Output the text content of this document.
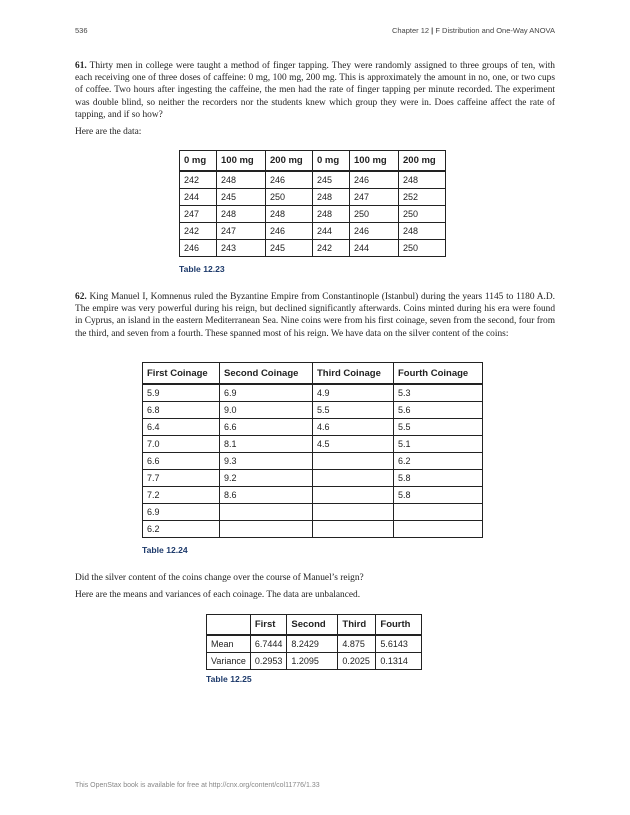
536	Chapter 12 | F Distribution and One-Way ANOVA

61. Thirty men in college were taught a method of finger tapping. They were randomly assigned to three groups of ten, with each receiving one of three doses of caffeine: 0 mg, 100 mg, 200 mg. This is approximately the amount in no, one, or two cups of coffee. Two hours after ingesting the caffeine, the men had the rate of finger tapping per minute recorded. The experiment was double blind, so neither the recorders nor the students knew which group they were in. Does caffeine affect the rate of tapping, and if so how?

Here are the data:

0 mg	100 mg	200 mg	0 mg	100 mg	200 mg
242	248	246	245	246	248
244	245	250	248	247	252
247	248	248	248	250	250
242	247	246	244	246	248
246	243	245	242	244	250
Table 12.23

62. King Manuel I, Komnenus ruled the Byzantine Empire from Constantinople (Istanbul) during the years 1145 to 1180 A.D. The empire was very powerful during his reign, but declined significantly afterwards. Coins minted during his era were found in Cyprus, an island in the eastern Mediterranean Sea. Nine coins were from his first coinage, seven from the second, four from the third, and seven from a fourth. These spanned most of his reign. We have data on the silver content of the coins:

First Coinage	Second Coinage	Third Coinage	Fourth Coinage
5.9	6.9	4.9	5.3
6.8	9.0	5.5	5.6
6.4	6.6	4.6	5.5
7.0	8.1	4.5	5.1
6.6	9.3		6.2
7.7	9.2		5.8
7.2	8.6		5.8
6.9			
6.2			
Table 12.24

Did the silver content of the coins change over the course of Manuel’s reign?

Here are the means and variances of each coinage. The data are unbalanced.

	First	Second	Third	Fourth
Mean	6.7444	8.2429	4.875	5.6143
Variance	0.2953	1.2095	0.2025	0.1314
Table 12.25
This OpenStax book is available for free at http://cnx.org/content/col11776/1.33
